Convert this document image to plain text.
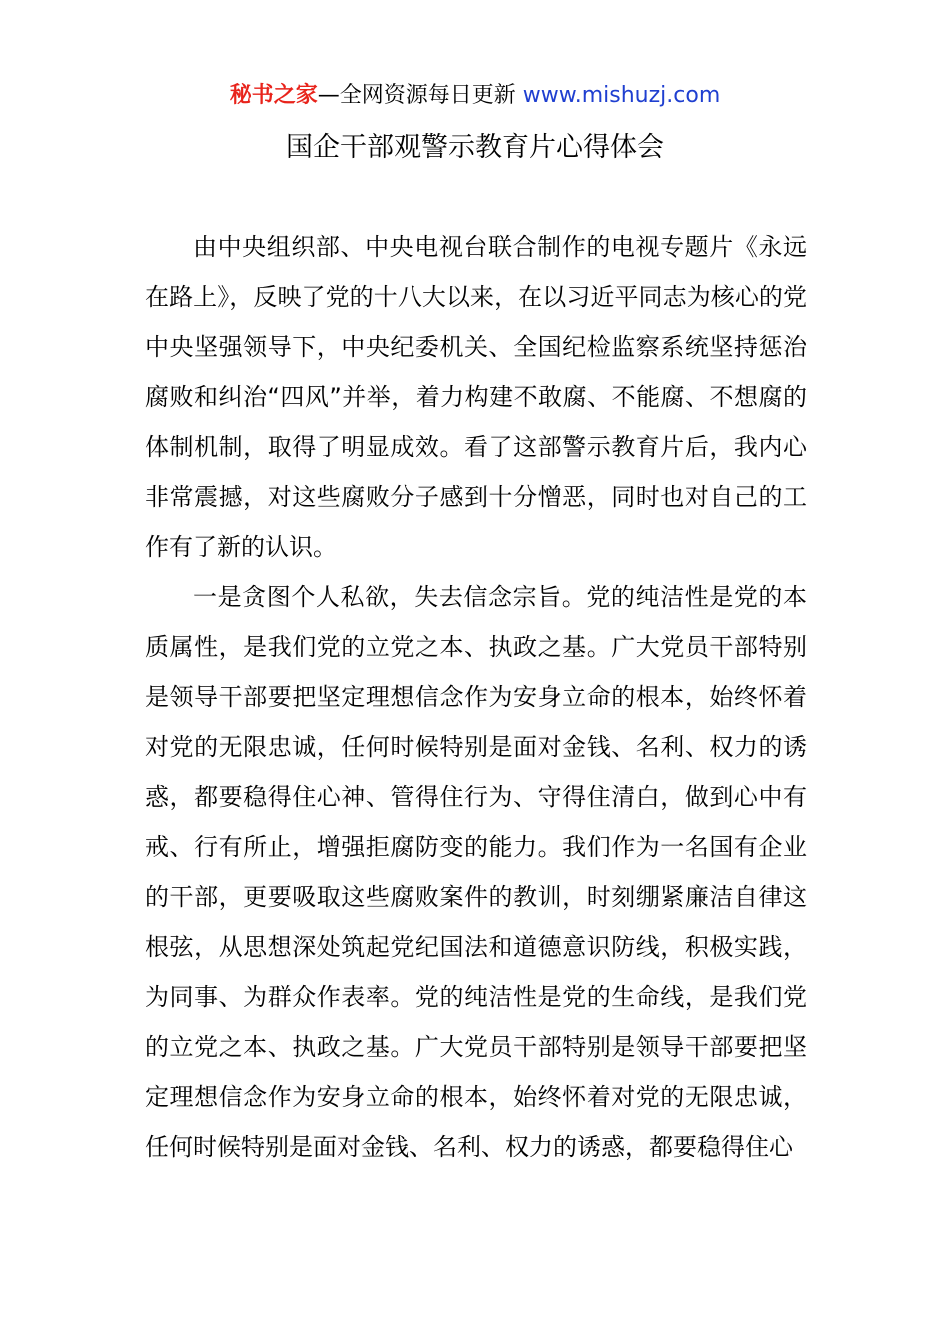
秘书之家—全网资源每日更新 www.mishuzj.com
国企干部观警示教育片心得体会

由中央组织部、中央电视台联合制作的电视专题片《永远在路上》，反映了党的十八大以来，在以习近平同志为核心的党中央坚强领导下，中央纪委机关、全国纪检监察系统坚持惩治腐败和纠治“四风”并举，着力构建不敢腐、不能腐、不想腐的体制机制，取得了明显成效。看了这部警示教育片后，我内心非常震撼，对这些腐败分子感到十分憎恶，同时也对自己的工作有了新的认识。

一是贪图个人私欲，失去信念宗旨。党的纯洁性是党的本质属性，是我们党的立党之本、执政之基。广大党员干部特别是领导干部要把坚定理想信念作为安身立命的根本，始终怀着对党的无限忠诚，任何时候特别是面对金钱、名利、权力的诱惑，都要稳得住心神、管得住行为、守得住清白，做到心中有戒、行有所止，增强拒腐防变的能力。我们作为一名国有企业的干部，更要吸取这些腐败案件的教训，时刻绷紧廉洁自律这根弦，从思想深处筑起党纪国法和道德意识防线，积极实践，为同事、为群众作表率。党的纯洁性是党的生命线，是我们党的立党之本、执政之基。广大党员干部特别是领导干部要把坚定理想信念作为安身立命的根本，始终怀着对党的无限忠诚，任何时候特别是面对金钱、名利、权力的诱惑，都要稳得住心
